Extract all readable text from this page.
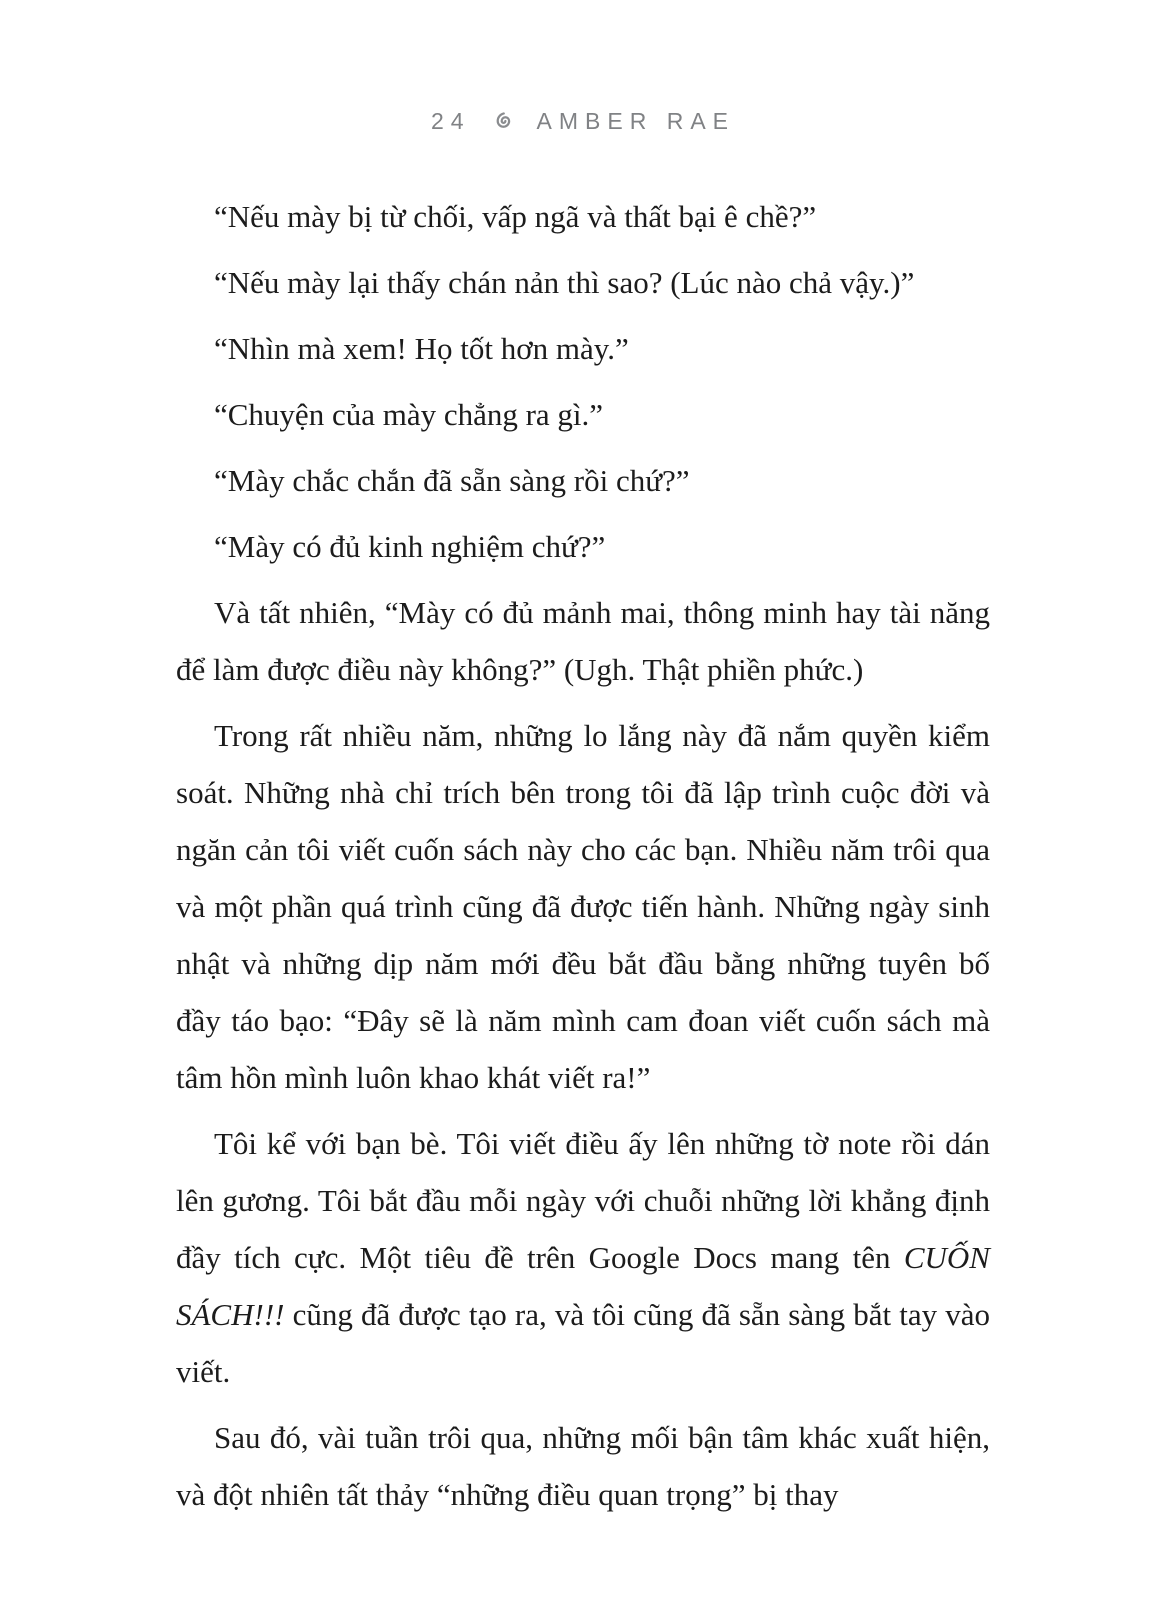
24	AMBER RAE

“Nếu mày bị từ chối, vấp ngã và thất bại ê chề?”

“Nếu mày lại thấy chán nản thì sao? (Lúc nào chả vậy.)”

“Nhìn mà xem! Họ tốt hơn mày.”

“Chuyện của mày chẳng ra gì.”

“Mày chắc chắn đã sẵn sàng rồi chứ?”

“Mày có đủ kinh nghiệm chứ?”

Và tất nhiên, “Mày có đủ mảnh mai, thông minh hay tài năng để làm được điều này không?” (Ugh. Thật phiền phức.)

Trong rất nhiều năm, những lo lắng này đã nắm quyền kiểm soát. Những nhà chỉ trích bên trong tôi đã lập trình cuộc đời và ngăn cản tôi viết cuốn sách này cho các bạn. Nhiều năm trôi qua và một phần quá trình cũng đã được tiến hành. Những ngày sinh nhật và những dịp năm mới đều bắt đầu bằng những tuyên bố đầy táo bạo: “Đây sẽ là năm mình cam đoan viết cuốn sách mà tâm hồn mình luôn khao khát viết ra!”

Tôi kể với bạn bè. Tôi viết điều ấy lên những tờ note rồi dán lên gương. Tôi bắt đầu mỗi ngày với chuỗi những lời khẳng định đầy tích cực. Một tiêu đề trên Google Docs mang tên CUỐN SÁCH!!! cũng đã được tạo ra, và tôi cũng đã sẵn sàng bắt tay vào viết.

Sau đó, vài tuần trôi qua, những mối bận tâm khác xuất hiện, và đột nhiên tất thảy “những điều quan trọng” bị thay
